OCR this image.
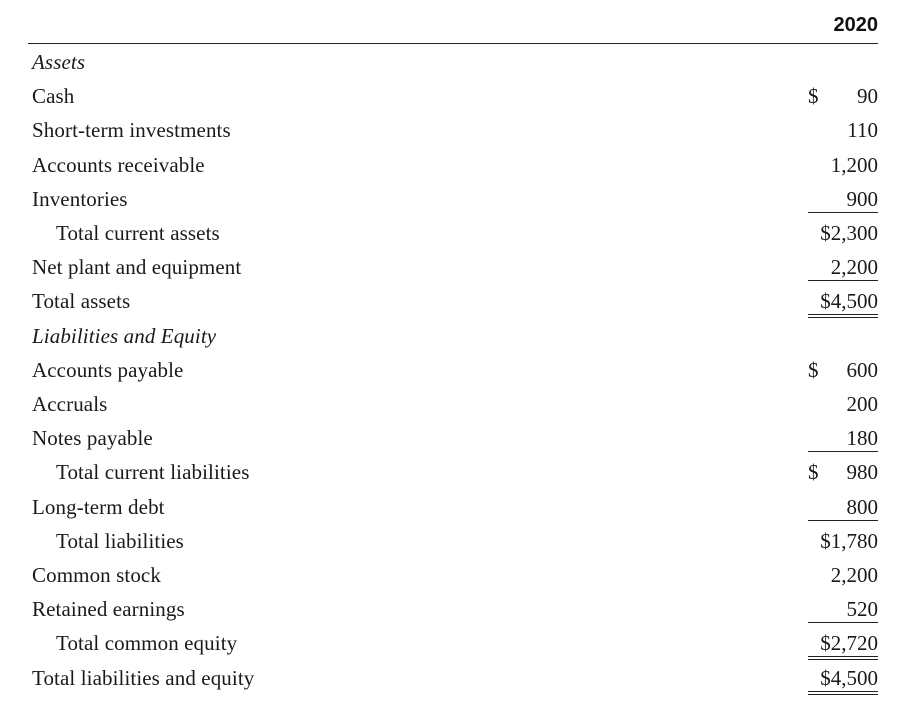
2020
Assets
Cash	$ 90
Short-term investments	110
Accounts receivable	1,200
Inventories	900
Total current assets	$2,300
Net plant and equipment	2,200
Total assets	$4,500
Liabilities and Equity
Accounts payable	$ 600
Accruals	200
Notes payable	180
Total current liabilities	$ 980
Long-term debt	800
Total liabilities	$1,780
Common stock	2,200
Retained earnings	520
Total common equity	$2,720
Total liabilities and equity	$4,500
